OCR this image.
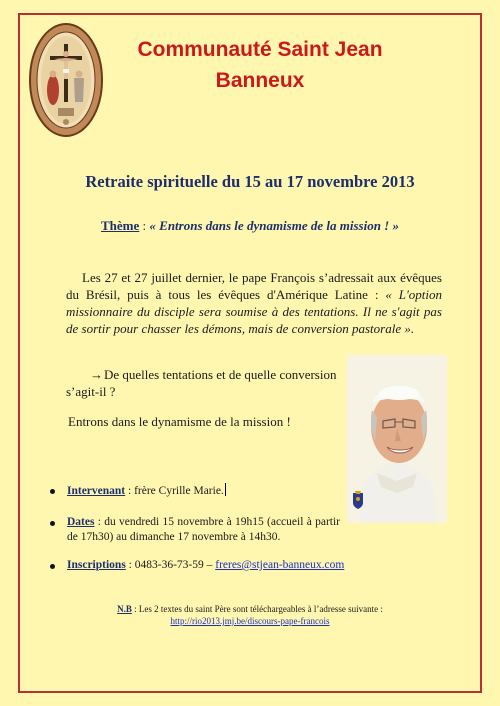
Communauté Saint Jean
Banneux
Retraite spirituelle du 15 au 17 novembre 2013
Thème : « Entrons dans le dynamisme de la mission ! »
Les 27 et 27 juillet dernier, le pape François s’adressait aux évêques du Brésil, puis à tous les évêques d'Amérique Latine : « L'option missionnaire du disciple sera soumise à des tentations. Il ne s'agit pas de sortir pour chasser les démons, mais de conversion pastorale ».
→De quelles tentations et de quelle conversion s’agit-il ?
Entrons dans le dynamisme de la mission !
Intervenant : frère Cyrille Marie.
Dates : du vendredi 15 novembre à 19h15 (accueil à partir de 17h30) au dimanche 17 novembre à 14h30.
Inscriptions : 0483-36-73-59 – freres@stjean-banneux.com
N.B : Les 2 textes du saint Père sont téléchargeables à l’adresse suivante :
http://rio2013.jmj.be/discours-pape-francois
